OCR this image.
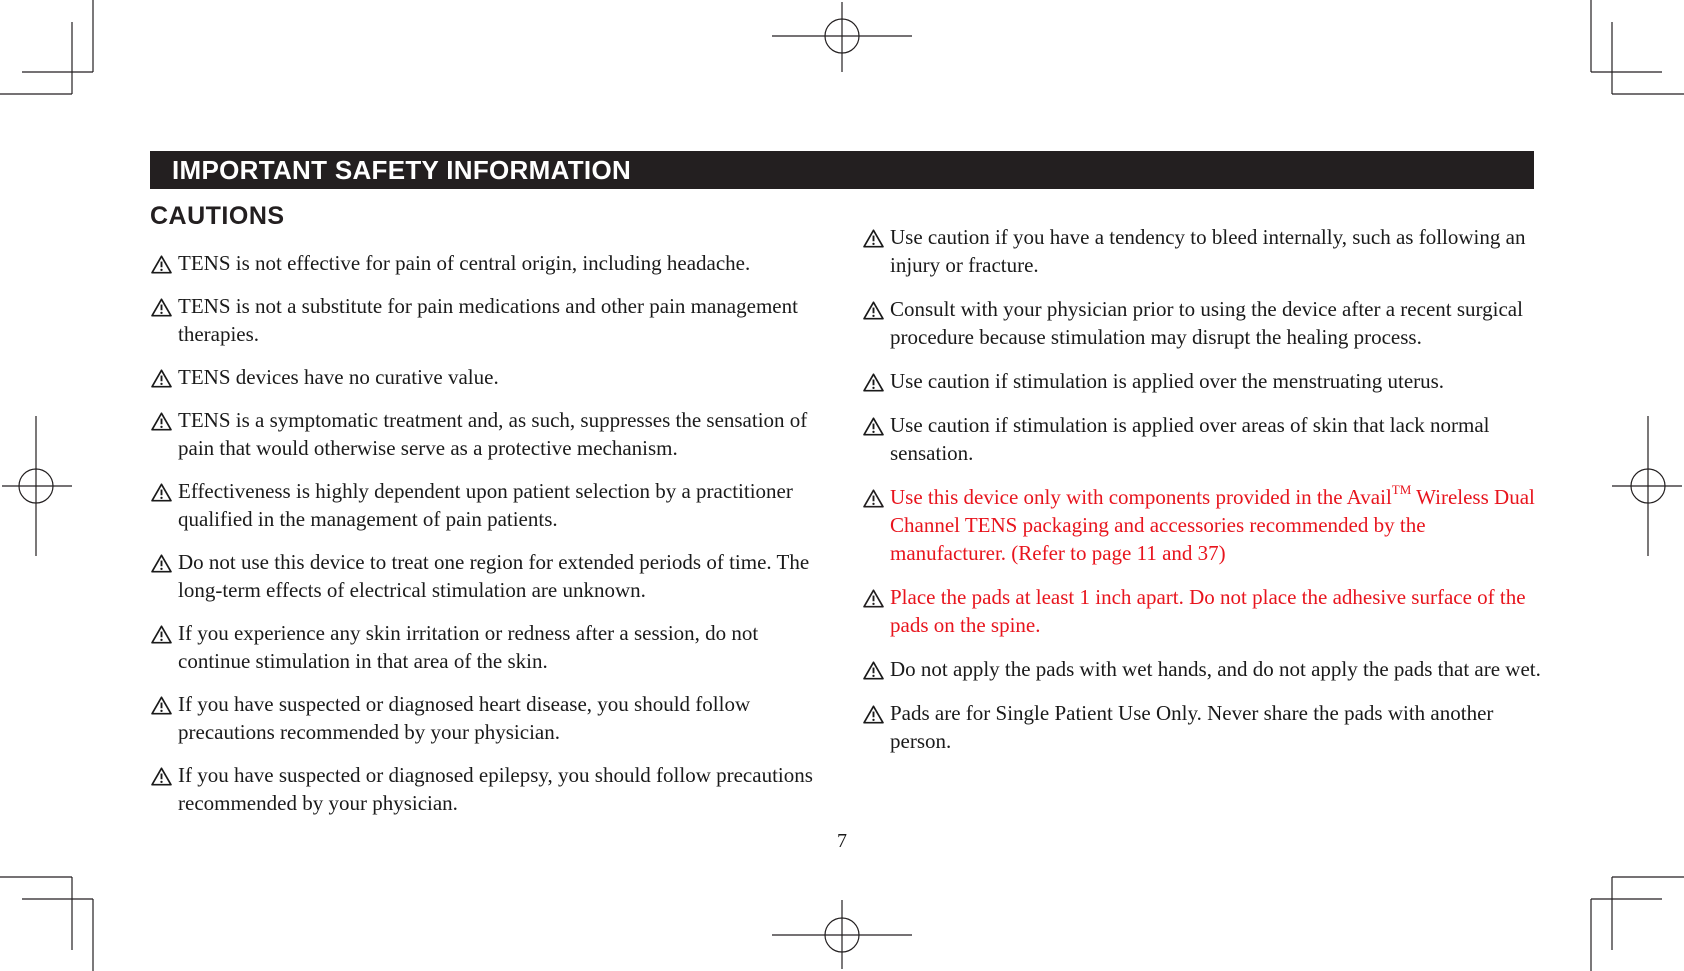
IMPORTANT SAFETY INFORMATION
CAUTIONS
TENS is not effective for pain of central origin, including headache.
TENS is not a substitute for pain medications and other pain management therapies.
TENS devices have no curative value.
TENS is a symptomatic treatment and, as such, suppresses the sensation of pain that would otherwise serve as a protective mechanism.
Effectiveness is highly dependent upon patient selection by a practitioner qualified in the management of pain patients.
Do not use this device to treat one region for extended periods of time. The long-term effects of electrical stimulation are unknown.
If you experience any skin irritation or redness after a session, do not continue stimulation in that area of the skin.
If you have suspected or diagnosed heart disease, you should follow precautions recommended by your physician.
If you have suspected or diagnosed epilepsy, you should follow precautions recommended by your physician.
Use caution if you have a tendency to bleed internally, such as following an injury or fracture.
Consult with your physician prior to using the device after a recent surgical procedure because stimulation may disrupt the healing process.
Use caution if stimulation is applied over the menstruating uterus.
Use caution if stimulation is applied over areas of skin that lack normal sensation.
Use this device only with components provided in the Avail™ Wireless Dual Channel TENS packaging and accessories recommended by the manufacturer. (Refer to page 11 and 37)
Place the pads at least 1 inch apart. Do not place the adhesive surface of the pads on the spine.
Do not apply the pads with wet hands, and do not apply the pads that are wet.
Pads are for Single Patient Use Only. Never share the pads with another person.
7
